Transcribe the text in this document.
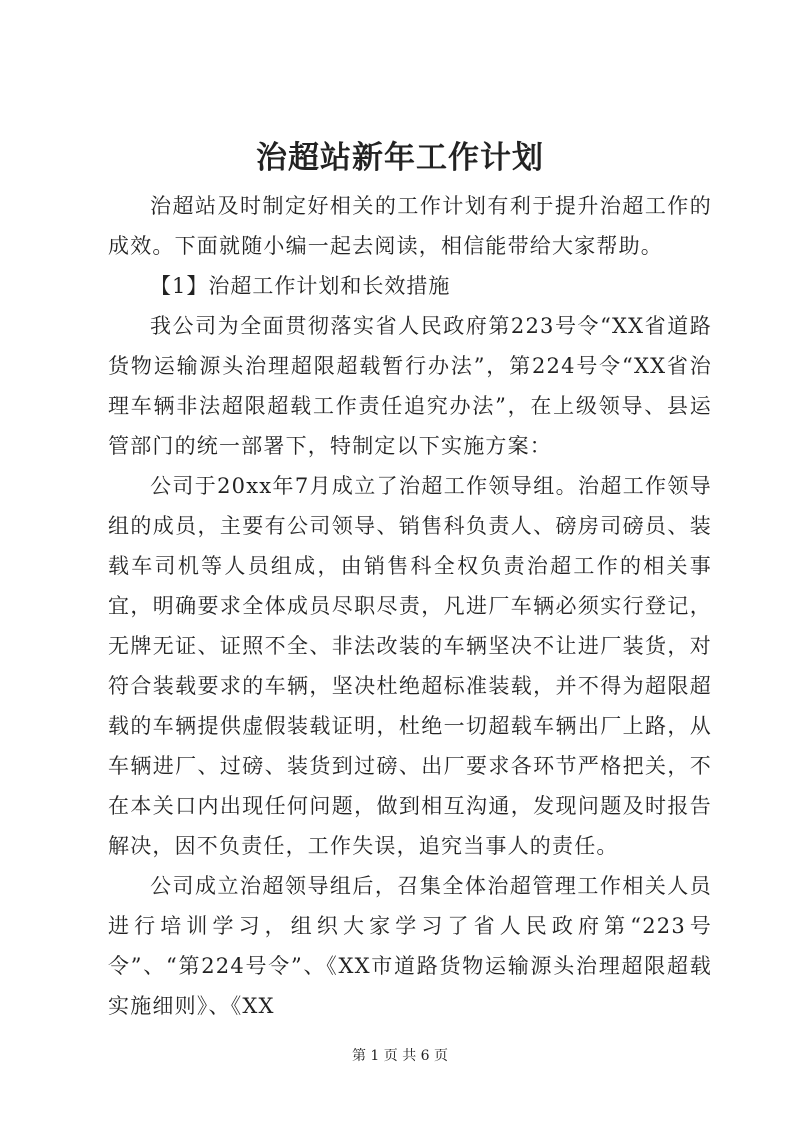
治超站新年工作计划

治超站及时制定好相关的工作计划有利于提升治超工作的成效。下面就随小编一起去阅读，相信能带给大家帮助。

【1】治超工作计划和长效措施

我公司为全面贯彻落实省人民政府第223号令“XX省道路货物运输源头治理超限超载暂行办法”，第224号令“XX省治理车辆非法超限超载工作责任追究办法”，在上级领导、县运管部门的统一部署下，特制定以下实施方案：

公司于20xx年7月成立了治超工作领导组。治超工作领导组的成员，主要有公司领导、销售科负责人、磅房司磅员、装载车司机等人员组成，由销售科全权负责治超工作的相关事宜，明确要求全体成员尽职尽责，凡进厂车辆必须实行登记，无牌无证、证照不全、非法改装的车辆坚决不让进厂装货，对符合装载要求的车辆，坚决杜绝超标准装载，并不得为超限超载的车辆提供虚假装载证明，杜绝一切超载车辆出厂上路，从车辆进厂、过磅、装货到过磅、出厂要求各环节严格把关，不在本关口内出现任何问题，做到相互沟通，发现问题及时报告解决，因不负责任，工作失误，追究当事人的责任。

公司成立治超领导组后，召集全体治超管理工作相关人员进行培训学习，组织大家学习了省人民政府第“223号令”、“第224号令”、《XX市道路货物运输源头治理超限超载实施细则》、《XX

第 1 页 共 6 页
